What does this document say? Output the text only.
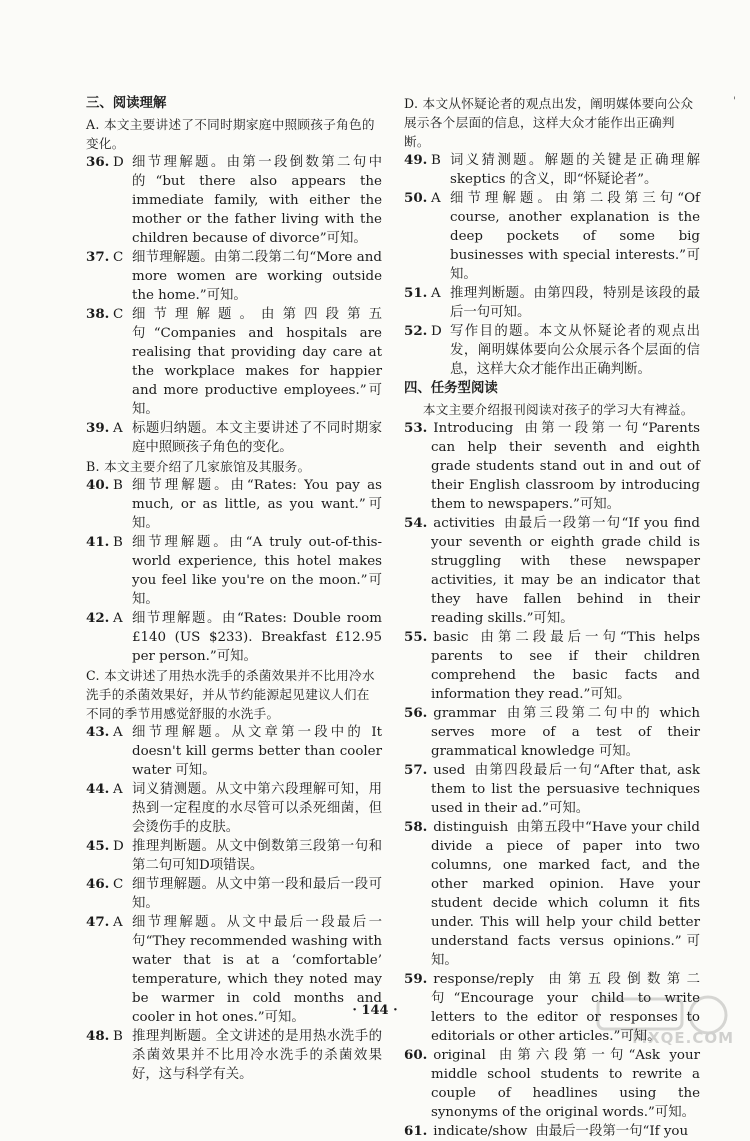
'
三、阅读理解
A. 本文主要讲述了不同时期家庭中照顾孩子角色的变化。
36. D 细节理解题。由第一段倒数第二句中的“but there also appears the immediate family, with either the mother or the father living with the children because of divorce”可知。
37. C 细节理解题。由第二段第二句“More and more women are working outside the home.”可知。
38. C 细节理解题。由第四段第五句“Companies and hospitals are realising that providing day care at the workplace makes for happier and more productive employees.”可知。
39. A 标题归纳题。本文主要讲述了不同时期家庭中照顾孩子角色的变化。
B. 本文主要介绍了几家旅馆及其服务。
40. B 细节理解题。由“Rates: You pay as much, or as little, as you want.”可知。
41. B 细节理解题。由“A truly out-of-this-world experience, this hotel makes you feel like you're on the moon.”可知。
42. A 细节理解题。由“Rates: Double room £140 (US $233). Breakfast £12.95 per person.”可知。
C. 本文讲述了用热水洗手的杀菌效果并不比用冷水洗手的杀菌效果好，并从节约能源起见建议人们在不同的季节用感觉舒服的水洗手。
43. A 细节理解题。从文章第一段中的 It doesn't kill germs better than cooler water 可知。
44. A 词义猜测题。从文中第六段理解可知，用热到一定程度的水尽管可以杀死细菌，但会烫伤手的皮肤。
45. D 推理判断题。从文中倒数第三段第一句和第二句可知D项错误。
46. C 细节理解题。从文中第一段和最后一段可知。
47. A 细节理解题。从文中最后一段最后一句“They recommended washing with water that is at a ‘comfortable’ temperature, which they noted may be warmer in cold months and cooler in hot ones.”可知。
48. B 推理判断题。全文讲述的是用热水洗手的杀菌效果并不比用冷水洗手的杀菌效果好，这与科学有关。
D. 本文从怀疑论者的观点出发，阐明媒体要向公众展示各个层面的信息，这样大众才能作出正确判断。
49. B 词义猜测题。解题的关键是正确理解 skeptics 的含义，即“怀疑论者”。
50. A 细节理解题。由第二段第三句“Of course, another explanation is the deep pockets of some big businesses with special interests.”可知。
51. A 推理判断题。由第四段，特别是该段的最后一句可知。
52. D 写作目的题。本文从怀疑论者的观点出发，阐明媒体要向公众展示各个层面的信息，这样大众才能作出正确判断。
四、任务型阅读
本文主要介绍报刊阅读对孩子的学习大有裨益。
53. Introducing 由第一段第一句“Parents can help their seventh and eighth grade students stand out in and out of their English classroom by introducing them to newspapers.”可知。
54. activities 由最后一段第一句“If you find your seventh or eighth grade child is struggling with these newspaper activities, it may be an indicator that they have fallen behind in their reading skills.”可知。
55. basic 由第二段最后一句“This helps parents to see if their children comprehend the basic facts and information they read.”可知。
56. grammar 由第三段第二句中的 which serves more of a test of their grammatical knowledge 可知。
57. used 由第四段最后一句“After that, ask them to list the persuasive techniques used in their ad.”可知。
58. distinguish 由第五段中“Have your child divide a piece of paper into two columns, one marked fact, and the other marked opinion. Have your student decide which column it fits under. This will help your child better understand facts versus opinions.”可知。
59. response/reply 由第五段倒数第二句“Encourage your child to write letters to the editor or responses to editorials or other articles.”可知。
60. original 由第六段第一句“Ask your middle school students to rewrite a couple of headlines using the synonyms of the original words.”可知。
61. indicate/show 由最后一段第一句“If you
· 144 ·
MXQE.COM
